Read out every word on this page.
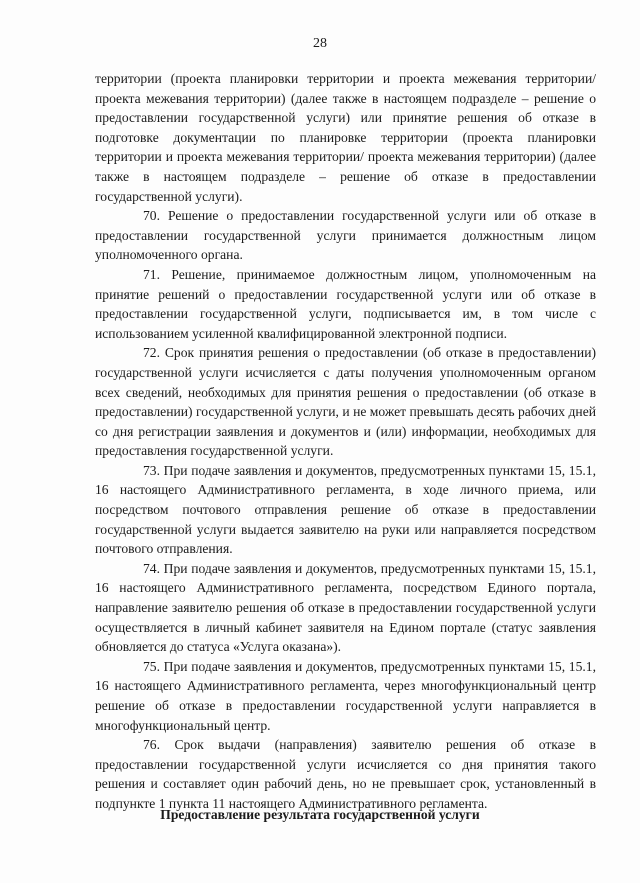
28

территории (проекта планировки территории и проекта межевания территории/проекта межевания территории) (далее также в настоящем подразделе – решение о предоставлении государственной услуги) или принятие решения об отказе в подготовке документации по планировке территории (проекта планировки территории и проекта межевания территории/ проекта межевания территории) (далее также в настоящем подразделе – решение об отказе в предоставлении государственной услуги).

70. Решение о предоставлении государственной услуги или об отказе в предоставлении государственной услуги принимается должностным лицом уполномоченного органа.

71. Решение, принимаемое должностным лицом, уполномоченным на принятие решений о предоставлении государственной услуги или об отказе в предоставлении государственной услуги, подписывается им, в том числе с использованием усиленной квалифицированной электронной подписи.

72. Срок принятия решения о предоставлении (об отказе в предоставлении) государственной услуги исчисляется с даты получения уполномоченным органом всех сведений, необходимых для принятия решения о предоставлении (об отказе в предоставлении) государственной услуги, и не может превышать десять рабочих дней со дня регистрации заявления и документов и (или) информации, необходимых для предоставления государственной услуги.

73. При подаче заявления и документов, предусмотренных пунктами 15, 15.1, 16 настоящего Административного регламента, в ходе личного приема, или посредством почтового отправления решение об отказе в предоставлении государственной услуги выдается заявителю на руки или направляется посредством почтового отправления.

74. При подаче заявления и документов, предусмотренных пунктами 15, 15.1, 16 настоящего Административного регламента, посредством Единого портала, направление заявителю решения об отказе в предоставлении государственной услуги осуществляется в личный кабинет заявителя на Едином портале (статус заявления обновляется до статуса «Услуга оказана»).

75. При подаче заявления и документов, предусмотренных пунктами 15, 15.1, 16 настоящего Административного регламента, через многофункциональный центр решение об отказе в предоставлении государственной услуги направляется в многофункциональный центр.

76. Срок выдачи (направления) заявителю решения об отказе в предоставлении государственной услуги исчисляется со дня принятия такого решения и составляет один рабочий день, но не превышает срок, установленный в подпункте 1 пункта 11 настоящего Административного регламента.

Предоставление результата государственной услуги
